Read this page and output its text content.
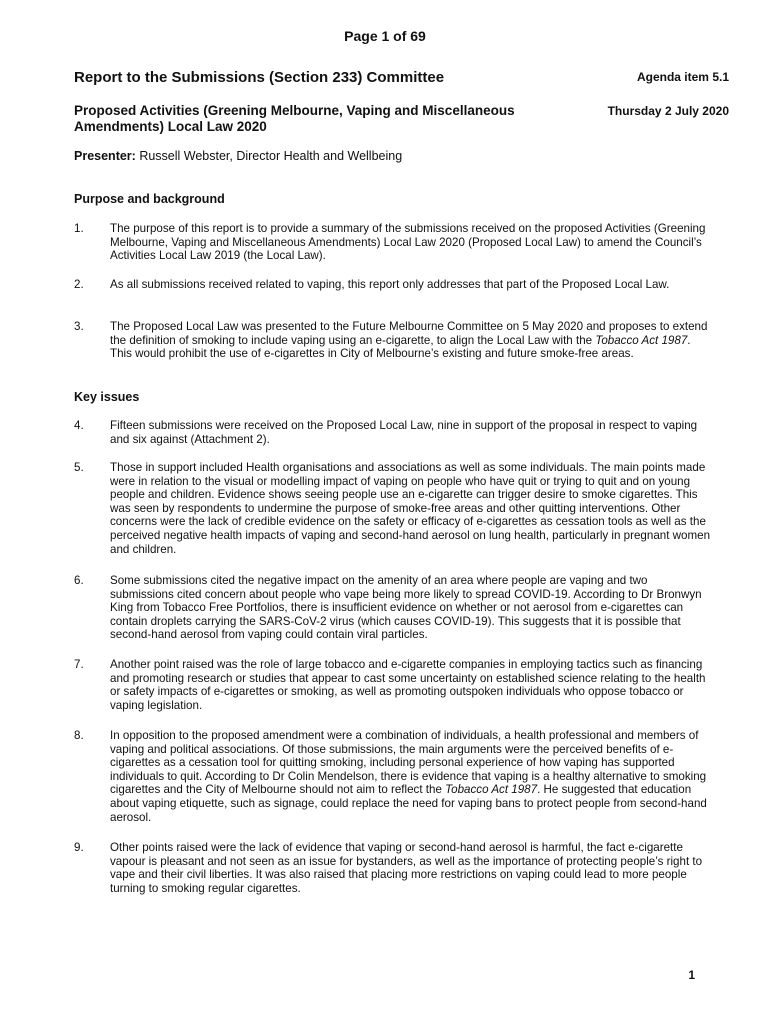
Page 1 of 69
Report to the Submissions (Section 233) Committee	Agenda item 5.1
Proposed Activities (Greening Melbourne, Vaping and Miscellaneous Amendments) Local Law 2020
Thursday 2 July 2020
Presenter: Russell Webster, Director Health and Wellbeing
Purpose and background
1.	The purpose of this report is to provide a summary of the submissions received on the proposed Activities (Greening Melbourne, Vaping and Miscellaneous Amendments) Local Law 2020 (Proposed Local Law) to amend the Council’s Activities Local Law 2019 (the Local Law).
2.	As all submissions received related to vaping, this report only addresses that part of the Proposed Local Law.
3.	The Proposed Local Law was presented to the Future Melbourne Committee on 5 May 2020 and proposes to extend the definition of smoking to include vaping using an e-cigarette, to align the Local Law with the Tobacco Act 1987. This would prohibit the use of e-cigarettes in City of Melbourne’s existing and future smoke-free areas.
Key issues
4.	Fifteen submissions were received on the Proposed Local Law, nine in support of the proposal in respect to vaping and six against (Attachment 2).
5.	Those in support included Health organisations and associations as well as some individuals. The main points made were in relation to the visual or modelling impact of vaping on people who have quit or trying to quit and on young people and children. Evidence shows seeing people use an e-cigarette can trigger desire to smoke cigarettes. This was seen by respondents to undermine the purpose of smoke-free areas and other quitting interventions. Other concerns were the lack of credible evidence on the safety or efficacy of e-cigarettes as cessation tools as well as the perceived negative health impacts of vaping and second-hand aerosol on lung health, particularly in pregnant women and children.
6.	Some submissions cited the negative impact on the amenity of an area where people are vaping and two submissions cited concern about people who vape being more likely to spread COVID-19. According to Dr Bronwyn King from Tobacco Free Portfolios, there is insufficient evidence on whether or not aerosol from e-cigarettes can contain droplets carrying the SARS-CoV-2 virus (which causes COVID-19). This suggests that it is possible that second-hand aerosol from vaping could contain viral particles.
7.	Another point raised was the role of large tobacco and e-cigarette companies in employing tactics such as financing and promoting research or studies that appear to cast some uncertainty on established science relating to the health or safety impacts of e-cigarettes or smoking, as well as promoting outspoken individuals who oppose tobacco or vaping legislation.
8.	In opposition to the proposed amendment were a combination of individuals, a health professional and members of vaping and political associations. Of those submissions, the main arguments were the perceived benefits of e-cigarettes as a cessation tool for quitting smoking, including personal experience of how vaping has supported individuals to quit. According to Dr Colin Mendelson, there is evidence that vaping is a healthy alternative to smoking cigarettes and the City of Melbourne should not aim to reflect the Tobacco Act 1987. He suggested that education about vaping etiquette, such as signage, could replace the need for vaping bans to protect people from second-hand aerosol.
9.	Other points raised were the lack of evidence that vaping or second-hand aerosol is harmful, the fact e-cigarette vapour is pleasant and not seen as an issue for bystanders, as well as the importance of protecting people’s right to vape and their civil liberties. It was also raised that placing more restrictions on vaping could lead to more people turning to smoking regular cigarettes.
1
